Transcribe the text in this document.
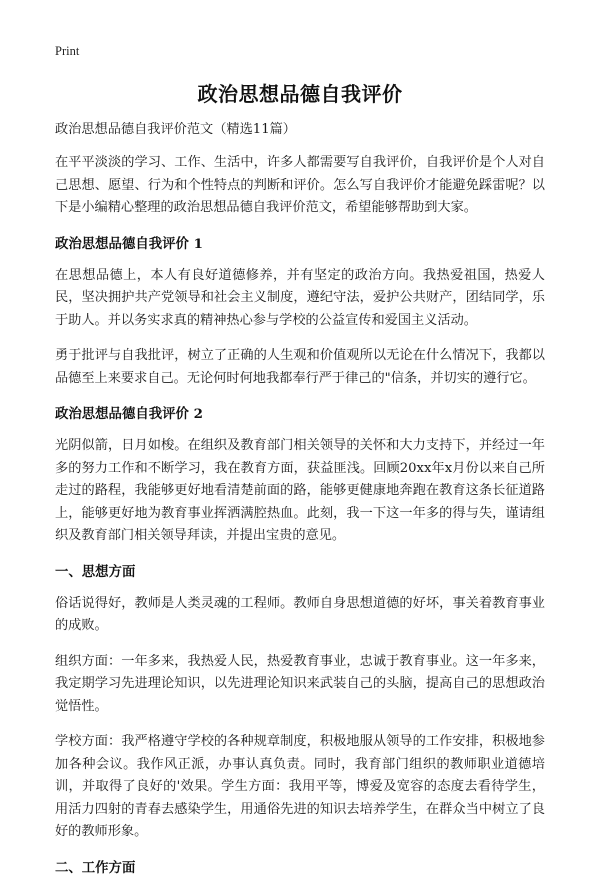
Print
政治思想品德自我评价
政治思想品德自我评价范文（精选11篇）
在平平淡淡的学习、工作、生活中，许多人都需要写自我评价，自我评价是个人对自己思想、愿望、行为和个性特点的判断和评价。怎么写自我评价才能避免踩雷呢？以下是小编精心整理的政治思想品德自我评价范文，希望能够帮助到大家。
政治思想品德自我评价 1
在思想品德上，本人有良好道德修养，并有坚定的政治方向。我热爱祖国，热爱人民，坚决拥护共产党领导和社会主义制度，遵纪守法，爱护公共财产，团结同学，乐于助人。并以务实求真的精神热心参与学校的公益宣传和爱国主义活动。
勇于批评与自我批评，树立了正确的人生观和价值观所以无论在什么情况下，我都以品德至上来要求自己。无论何时何地我都奉行严于律己的"信条，并切实的遵行它。
政治思想品德自我评价 2
光阴似箭，日月如梭。在组织及教育部门相关领导的关怀和大力支持下，并经过一年多的努力工作和不断学习，我在教育方面，获益匪浅。回顾20xx年x月份以来自己所走过的路程，我能够更好地看清楚前面的路，能够更健康地奔跑在教育这条长征道路上，能够更好地为教育事业挥洒满腔热血。此刻，我一下这一年多的得与失，谨请组织及教育部门相关领导拜读，并提出宝贵的意见。
一、思想方面
俗话说得好，教师是人类灵魂的工程师。教师自身思想道德的好坏，事关着教育事业的成败。
组织方面：一年多来，我热爱人民，热爱教育事业，忠诚于教育事业。这一年多来，我定期学习先进理论知识，以先进理论知识来武装自己的头脑，提高自己的思想政治觉悟性。
学校方面：我严格遵守学校的各种规章制度，积极地服从领导的工作安排，积极地参加各种会议。我作风正派，办事认真负责。同时，我育部门组织的教师职业道德培训，并取得了良好的'效果。学生方面：我用平等，博爱及宽容的态度去看待学生，用活力四射的青春去感染学生，用通俗先进的知识去培养学生，在群众当中树立了良好的教师形象。
二、工作方面
